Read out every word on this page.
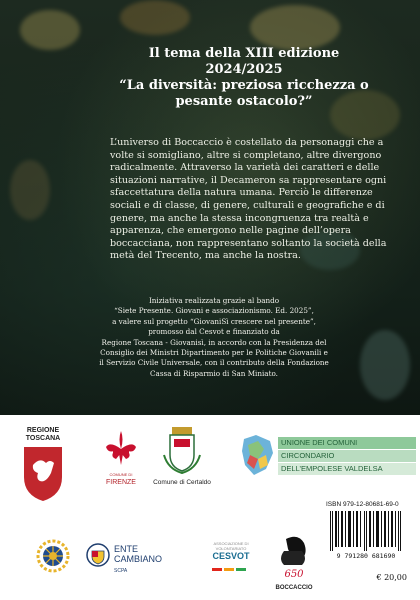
Il tema della XIII edizione
2024/2025
“La diversità: preziosa ricchezza o
pesante ostacolo?”

L’universo di Boccaccio è costellato da personaggi che a volte si somigliano, altre si completano, altre divergono radicalmente. Attraverso la varietà dei caratteri e delle situazioni narrative, il Decameron sa rappresentare ogni sfaccettatura della natura umana. Perciò le differenze sociali e di classe, di genere, culturali e geografiche e di genere, ma anche la stessa incongruenza tra realtà e apparenza, che emergono nelle pagine dell’opera boccacciana, non rappresentano soltanto la società della metà del Trecento, ma anche la nostra.

Iniziativa realizzata grazie al bando
“Siete Presente. Giovani e associazionismo. Ed. 2025”,
a valere sul progetto “GiovaniSì crescere nel presente”,
promosso dal Cesvot e finanziato da
Regione Toscana - Giovanisì, in accordo con la Presidenza del
Consiglio dei Ministri Dipartimento per le Politiche Giovanili e
il Servizio Civile Universale, con il contributo della Fondazione
Cassa di Risparmio di San Miniato.

REGIONE
TOSCANA
COMUNE DI FIRENZE	Comune di Certaldo
UNIONE DEI COMUNI
CIRCONDARIO
DELL’EMPOLESE VALDELSA
ISBN 979-12-80681-69-0
9 791280 681690
€ 20,00
ENTE
CAMBIANO SCPA
ASSOCIAZIONE DI VOLONTARIATO
CESVOT
650
BOCCACCIO
